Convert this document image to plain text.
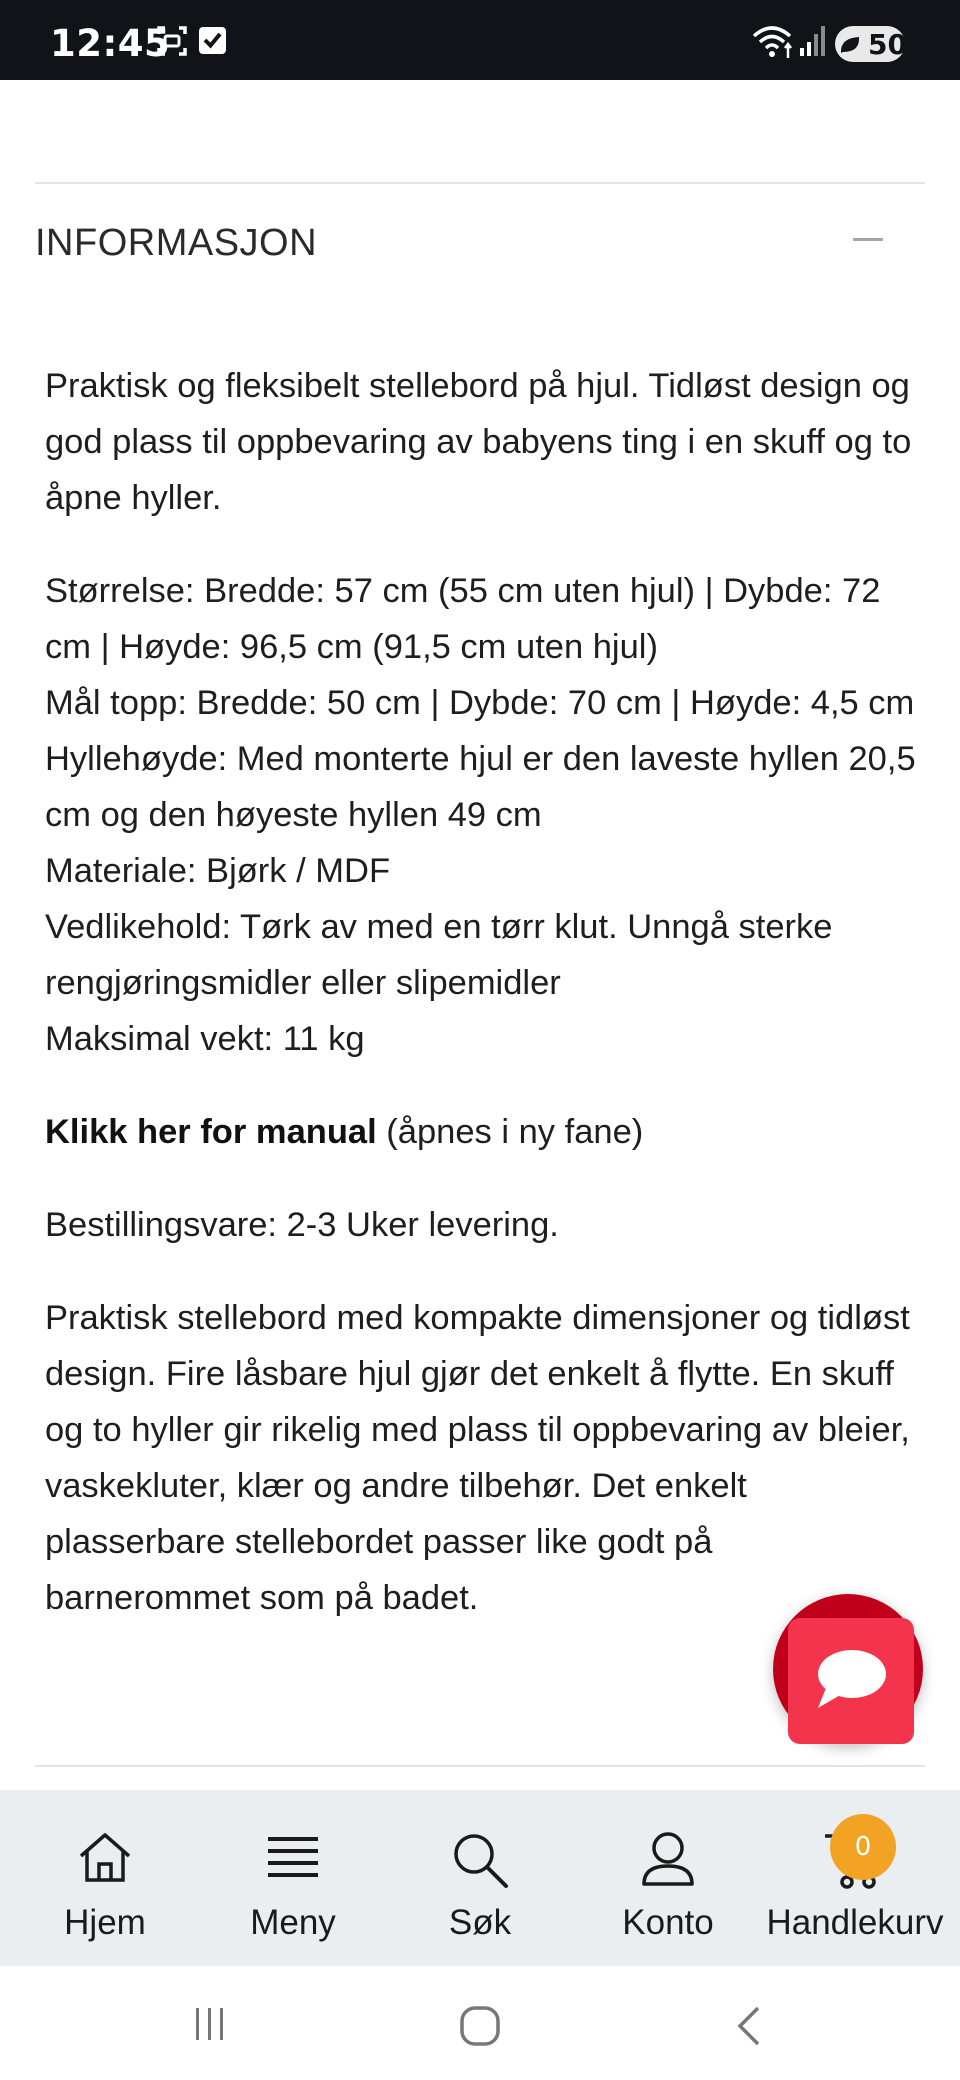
12:45	50
INFORMASJON

Praktisk og fleksibelt stellebord på hjul. Tidløst design og god plass til oppbevaring av babyens ting i en skuff og to åpne hyller.

Størrelse: Bredde: 57 cm (55 cm uten hjul) | Dybde: 72 cm | Høyde: 96,5 cm (91,5 cm uten hjul)
Mål topp: Bredde: 50 cm | Dybde: 70 cm | Høyde: 4,5 cm
Hyllehøyde: Med monterte hjul er den laveste hyllen 20,5 cm og den høyeste hyllen 49 cm
Materiale: Bjørk / MDF
Vedlikehold: Tørk av med en tørr klut. Unngå sterke rengjøringsmidler eller slipemidler
Maksimal vekt: 11 kg

Klikk her for manual (åpnes i ny fane)

Bestillingsvare: 2-3 Uker levering.

Praktisk stellebord med kompakte dimensjoner og tidløst design. Fire låsbare hjul gjør det enkelt å flytte. En skuff og to hyller gir rikelig med plass til oppbevaring av bleier, vaskekluter, klær og andre tilbehør. Det enkelt plasserbare stellebordet passer like godt på barnerommet som på badet.

Hjem	Meny	Søk	Konto	Handlekurv
0
